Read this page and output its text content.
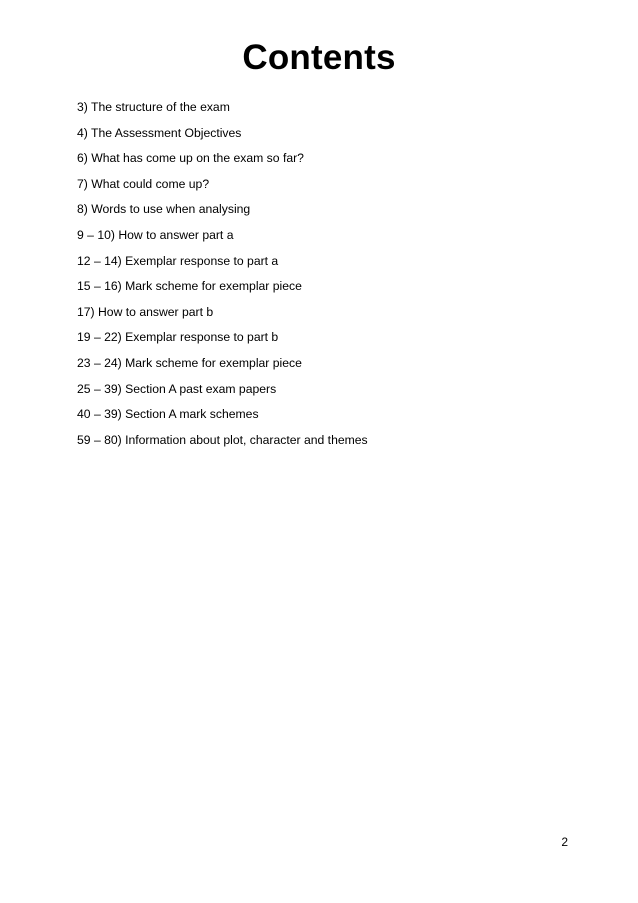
Contents
3) The structure of the exam
4) The Assessment Objectives
6) What has come up on the exam so far?
7) What could come up?
8) Words to use when analysing
9 – 10) How to answer part a
12 – 14) Exemplar response to part a
15 – 16) Mark scheme for exemplar piece
17) How to answer part b
19 – 22) Exemplar response to part b
23 – 24) Mark scheme for exemplar piece
25 – 39) Section A past exam papers
40 – 39) Section A mark schemes
59 – 80) Information about plot, character and themes
2
